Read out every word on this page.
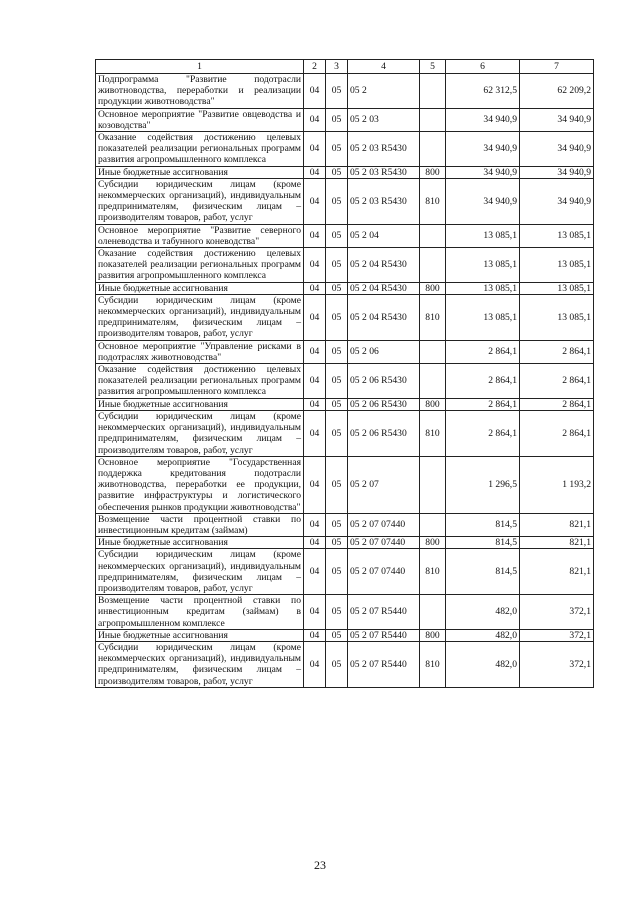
1	2	3	4	5	6	7
Подпрограмма "Развитие подотрасли животноводства, переработки и реализации продукции животноводства"	04	05	05 2		62 312,5	62 209,2
Основное мероприятие "Развитие овцеводства и козоводства"	04	05	05 2 03		34 940,9	34 940,9
Оказание содействия достижению целевых показателей реализации региональных программ развития агропромышленного комплекса	04	05	05 2 03 R5430		34 940,9	34 940,9
Иные бюджетные ассигнования	04	05	05 2 03 R5430	800	34 940,9	34 940,9
Субсидии юридическим лицам (кроме некоммерческих организаций), индивидуальным предпринимателям, физическим лицам – производителям товаров, работ, услуг	04	05	05 2 03 R5430	810	34 940,9	34 940,9
Основное мероприятие "Развитие северного оленеводства и табунного коневодства"	04	05	05 2 04		13 085,1	13 085,1
Оказание содействия достижению целевых показателей реализации региональных программ развития агропромышленного комплекса	04	05	05 2 04 R5430		13 085,1	13 085,1
Иные бюджетные ассигнования	04	05	05 2 04 R5430	800	13 085,1	13 085,1
Субсидии юридическим лицам (кроме некоммерческих организаций), индивидуальным предпринимателям, физическим лицам – производителям товаров, работ, услуг	04	05	05 2 04 R5430	810	13 085,1	13 085,1
Основное мероприятие "Управление рисками в подотраслях животноводства"	04	05	05 2 06		2 864,1	2 864,1
Оказание содействия достижению целевых показателей реализации региональных программ развития агропромышленного комплекса	04	05	05 2 06 R5430		2 864,1	2 864,1
Иные бюджетные ассигнования	04	05	05 2 06 R5430	800	2 864,1	2 864,1
Субсидии юридическим лицам (кроме некоммерческих организаций), индивидуальным предпринимателям, физическим лицам – производителям товаров, работ, услуг	04	05	05 2 06 R5430	810	2 864,1	2 864,1
Основное мероприятие "Государственная поддержка кредитования подотрасли животноводства, переработки ее продукции, развитие инфраструктуры и логистического обеспечения рынков продукции животноводства"	04	05	05 2 07		1 296,5	1 193,2
Возмещение части процентной ставки по инвестиционным кредитам (займам)	04	05	05 2 07 07440		814,5	821,1
Иные бюджетные ассигнования	04	05	05 2 07 07440	800	814,5	821,1
Субсидии юридическим лицам (кроме некоммерческих организаций), индивидуальным предпринимателям, физическим лицам – производителям товаров, работ, услуг	04	05	05 2 07 07440	810	814,5	821,1
Возмещение части процентной ставки по инвестиционным кредитам (займам) в агропромышленном комплексе	04	05	05 2 07 R5440		482,0	372,1
Иные бюджетные ассигнования	04	05	05 2 07 R5440	800	482,0	372,1
Субсидии юридическим лицам (кроме некоммерческих организаций), индивидуальным предпринимателям, физическим лицам – производителям товаров, работ, услуг	04	05	05 2 07 R5440	810	482,0	372,1
23
